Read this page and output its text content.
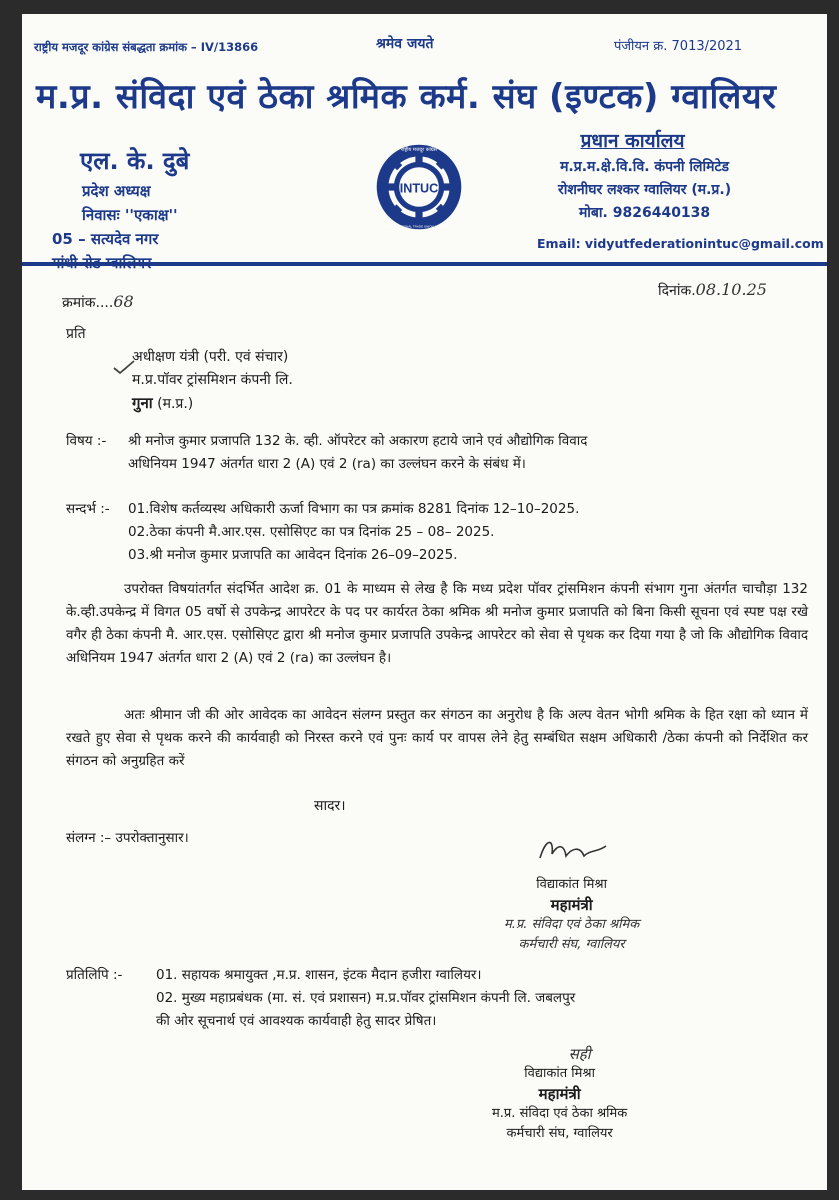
राष्ट्रीय मजदूर कांग्रेस संबद्धता क्रमांक – IV/13866	श्रमेव जयते	पंजीयन क्र. 7013/2021
म.प्र. संविदा एवं ठेका श्रमिक कर्म. संघ (इण्टक) ग्वालियर
एल. के. दुबे
प्रदेश अध्यक्ष
निवासः ''एकाक्ष''
05 – सत्यदेव नगर
INTUC
राष्ट्रीय मजदूर कांग्रेस
INDIAN NATIONAL TRADE UNION CONGRESS
प्रधान कार्यालय
म.प्र.म.क्षे.वि.वि. कंपनी लिमिटेड
रोशनीघर लश्कर ग्वालियर (म.प्र.)
मोबा. 9826440138
Email: vidyutfederationintuc@gmail.com
क्रमांक....68
दिनांक.08.10.25
प्रति
अधीक्षण यंत्री (परी. एवं संचार)
म.प्र.पॉवर ट्रांसमिशन कंपनी लि.
गुना (म.प्र.)
विषय :- श्री मनोज कुमार प्रजापति 132 के. व्ही. ऑपरेटर को अकारण हटाये जाने एवं औद्योगिक विवाद
अधिनियम 1947 अंतर्गत धारा 2 (A) एवं 2 (ra) का उल्लंघन करने के संबंध में।
सन्दर्भ :- 01.विशेष कर्तव्यस्थ अधिकारी ऊर्जा विभाग का पत्र क्रमांक 8281 दिनांक 12–10–2025.
02.ठेका कंपनी मै.आर.एस. एसोसिएट का पत्र दिनांक 25 – 08– 2025.
03.श्री मनोज कुमार प्रजापति का आवेदन दिनांक 26–09–2025.
उपरोक्त विषयांतर्गत संदर्भित आदेश क्र. 01 के माध्यम से लेख है कि मध्य प्रदेश पॉवर ट्रांसमिशन कंपनी संभाग गुना अंतर्गत चाचौड़ा 132 के.व्ही.उपकेन्द्र में विगत 05 वर्षो से उपकेन्द्र आपरेटर के पद पर कार्यरत ठेका श्रमिक श्री मनोज कुमार प्रजापति को बिना किसी सूचना एवं स्पष्ट पक्ष रखे वगैर ही ठेका कंपनी मै. आर.एस. एसोसिएट द्वारा श्री मनोज कुमार प्रजापति उपकेन्द्र आपरेटर को सेवा से पृथक कर दिया गया है जो कि औद्योगिक विवाद अधिनियम 1947 अंतर्गत धारा 2 (A) एवं 2 (ra) का उल्लंघन है।
अतः श्रीमान जी की ओर आवेदक का आवेदन संलग्न प्रस्तुत कर संगठन का अनुरोध है कि अल्प वेतन भोगी श्रमिक के हित रक्षा को ध्यान में रखते हुए सेवा से पृथक करने की कार्यवाही को निरस्त करने एवं पुनः कार्य पर वापस लेने हेतु सम्बंधित सक्षम अधिकारी /ठेका कंपनी को निर्देशित कर संगठन को अनुग्रहित करें
सादर।
संलग्न :– उपरोक्तानुसार।
विद्याकांत मिश्रा
महामंत्री
म.प्र. संविदा एवं ठेका श्रमिक
कर्मचारी संघ, ग्वालियर
प्रतिलिपि :- 01. सहायक श्रमायुक्त ,म.प्र. शासन, इंटक मैदान हजीरा ग्वालियर।
02. मुख्य महाप्रबंधक (मा. सं. एवं प्रशासन) म.प्र.पॉवर ट्रांसमिशन कंपनी लि. जबलपुर
की ओर सूचनार्थ एवं आवश्यक कार्यवाही हेतु सादर प्रेषित।
सही
विद्याकांत मिश्रा
महामंत्री
म.प्र. संविदा एवं ठेका श्रमिक
कर्मचारी संघ, ग्वालियर
